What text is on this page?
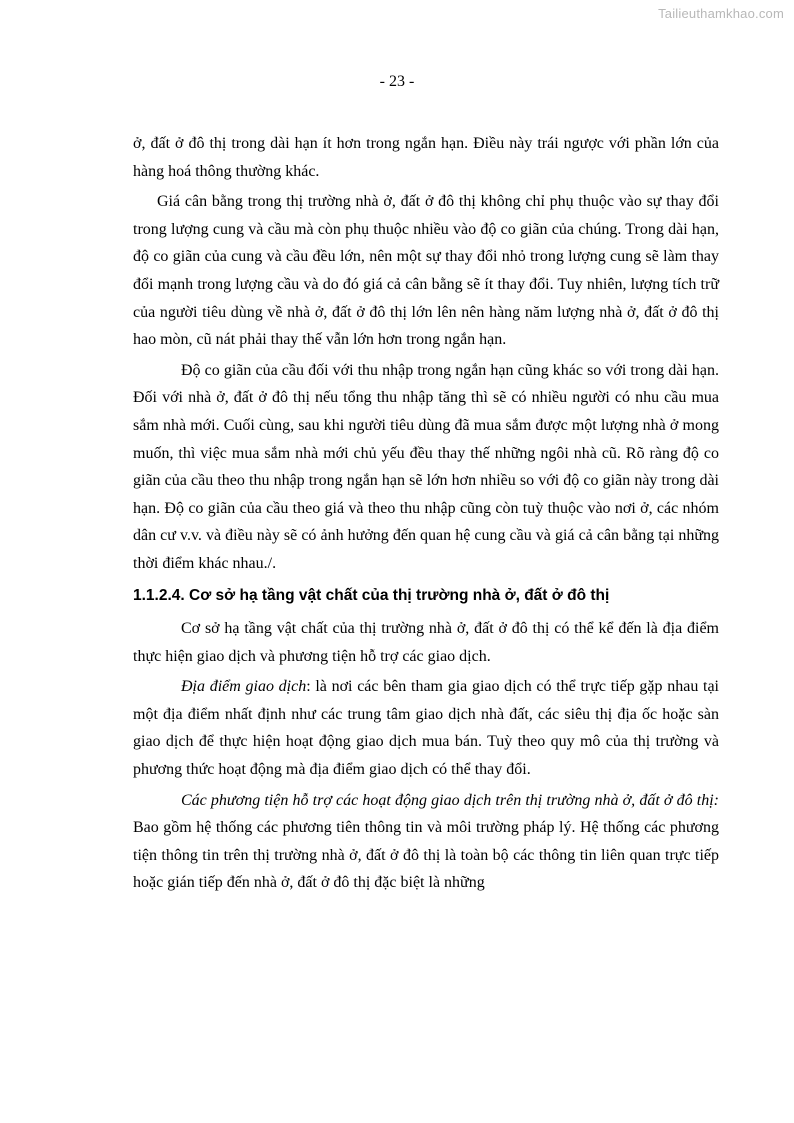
Tailieuthamkhao.com
- 23 -

ở, đất ở đô thị trong dài hạn ít hơn trong ngắn hạn. Điều này trái ngược với phần lớn của hàng hoá thông thường khác.

Giá cân bằng trong thị trường nhà ở, đất ở đô thị không chỉ phụ thuộc vào sự thay đổi trong lượng cung và cầu mà còn phụ thuộc nhiều vào độ co giãn của chúng. Trong dài hạn, độ co giãn của cung và cầu đều lớn, nên một sự thay đổi nhỏ trong lượng cung sẽ làm thay đổi mạnh trong lượng cầu và do đó giá cả cân bằng sẽ ít thay đổi. Tuy nhiên, lượng tích trữ của người tiêu dùng về nhà ở, đất ở đô thị lớn lên nên hàng năm lượng nhà ở, đất ở đô thị hao mòn, cũ nát phải thay thế vẫn lớn hơn trong ngắn hạn.

Độ co giãn của cầu đối với thu nhập trong ngắn hạn cũng khác so với trong dài hạn. Đối với nhà ở, đất ở đô thị nếu tổng thu nhập tăng thì sẽ có nhiều người có nhu cầu mua sắm nhà mới. Cuối cùng, sau khi người tiêu dùng đã mua sắm được một lượng nhà ở mong muốn, thì việc mua sắm nhà mới chủ yếu đều thay thế những ngôi nhà cũ. Rõ ràng độ co giãn của cầu theo thu nhập trong ngắn hạn sẽ lớn hơn nhiều so với độ co giãn này trong dài hạn. Độ co giãn của cầu theo giá và theo thu nhập cũng còn tuỳ thuộc vào nơi ở, các nhóm dân cư v.v. và điều này sẽ có ảnh hưởng đến quan hệ cung cầu và giá cả cân bằng tại những thời điểm khác nhau./.

1.1.2.4. Cơ sở hạ tầng vật chất của thị trường nhà ở, đất ở đô thị

Cơ sở hạ tầng vật chất của thị trường nhà ở, đất ở đô thị có thể kể đến là địa điểm thực hiện giao dịch và phương tiện hỗ trợ các giao dịch.

Địa điểm giao dịch: là nơi các bên tham gia giao dịch có thể trực tiếp gặp nhau tại một địa điểm nhất định như các trung tâm giao dịch nhà đất, các siêu thị địa ốc hoặc sàn giao dịch để thực hiện hoạt động giao dịch mua bán. Tuỳ theo quy mô của thị trường và phương thức hoạt động mà địa điểm giao dịch có thể thay đổi.

Các phương tiện hỗ trợ các hoạt động giao dịch trên thị trường nhà ở, đất ở đô thị: Bao gồm hệ thống các phương tiên thông tin và môi trường pháp lý. Hệ thống các phương tiện thông tin trên thị trường nhà ở, đất ở đô thị là toàn bộ các thông tin liên quan trực tiếp hoặc gián tiếp đến nhà ở, đất ở đô thị đặc biệt là những
